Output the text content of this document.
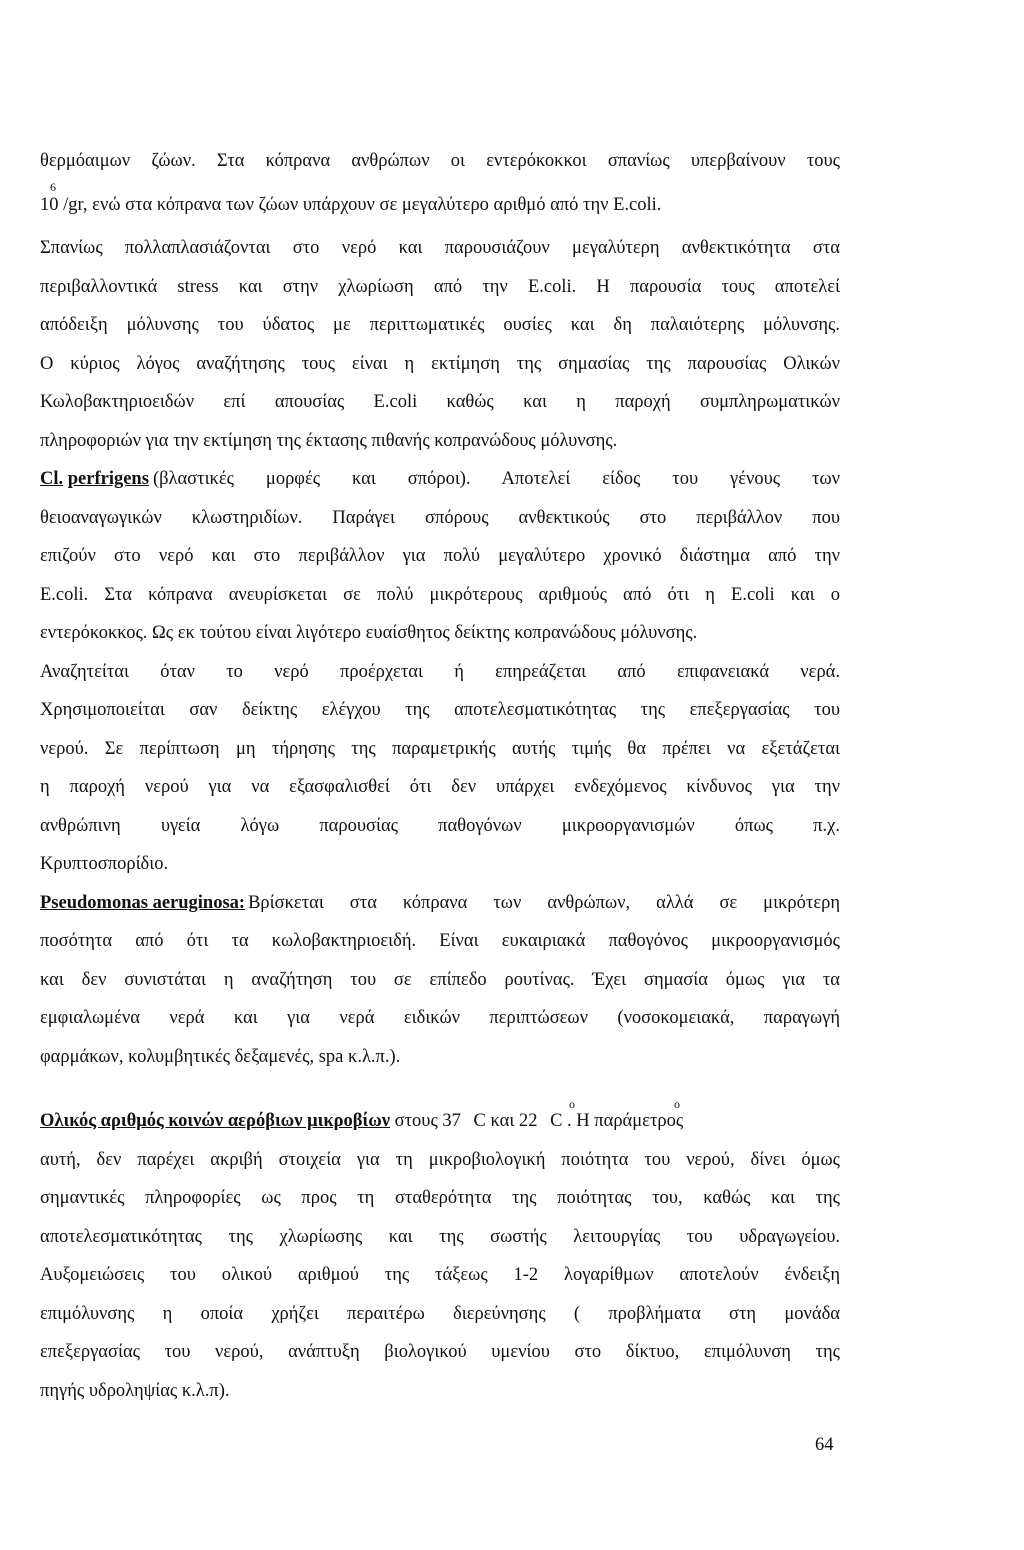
θερμόαιμων ζώων. Στα κόπρανα ανθρώπων οι εντερόκοκκοι σπανίως υπερβαίνουν τους
6
10 /gr, ενώ στα κόπρανα των ζώων υπάρχουν σε μεγαλύτερο αριθμό από την E.coli.
Σπανίως πολλαπλασιάζονται στο νερό και παρουσιάζουν μεγαλύτερη ανθεκτικότητα στα
περιβαλλοντικά stress και στην χλωρίωση από την E.coli. Η παρουσία τους αποτελεί
απόδειξη μόλυνσης του ύδατος με περιττωματικές ουσίες και δη παλαιότερης μόλυνσης.
Ο κύριος λόγος αναζήτησης τους είναι η εκτίμηση της σημασίας της παρουσίας Ολικών
Κωλοβακτηριοειδών επί απουσίας E.coli καθώς και η παροχή συμπληρωματικών
πληροφοριών για την εκτίμηση της έκτασης πιθανής κοπρανώδους μόλυνσης.
Cl. perfrigens (βλαστικές μορφές και σπόροι). Αποτελεί είδος του γένους των
θειοαναγωγικών κλωστηριδίων. Παράγει σπόρους ανθεκτικούς στο περιβάλλον που
επιζούν στο νερό και στο περιβάλλον για πολύ μεγαλύτερο χρονικό διάστημα από την
E.coli. Στα κόπρανα ανευρίσκεται σε πολύ μικρότερους αριθμούς από ότι η E.coli και ο
εντερόκοκκος. Ως εκ τούτου είναι λιγότερο ευαίσθητος δείκτης κοπρανώδους μόλυνσης.
Αναζητείται όταν το νερό προέρχεται ή επηρεάζεται από επιφανειακά νερά.
Χρησιμοποιείται σαν δείκτης ελέγχου της αποτελεσματικότητας της επεξεργασίας του
νερού. Σε περίπτωση μη τήρησης της παραμετρικής αυτής τιμής θα πρέπει να εξετάζεται
η παροχή νερού για να εξασφαλισθεί ότι δεν υπάρχει ενδεχόμενος κίνδυνος για την
ανθρώπινη υγεία λόγω παρουσίας παθογόνων μικροοργανισμών όπως π.χ.
Κρυπτοσπορίδιο.
Pseudomonas aeruginosa: Βρίσκεται στα κόπρανα των ανθρώπων, αλλά σε μικρότερη
ποσότητα από ότι τα κωλοβακτηριοειδή. Είναι ευκαιριακά παθογόνος μικροοργανισμός
και δεν συνιστάται η αναζήτηση του σε επίπεδο ρουτίνας. Έχει σημασία όμως για τα
εμφιαλωμένα νερά και για νερά ειδικών περιπτώσεων (νοσοκομειακά, παραγωγή
φαρμάκων, κολυμβητικές δεξαμενές, spa κ.λ.π.).
Ολικός αριθμός κοινών αερόβιων μικροβίων στους 37 C και 22 C . Η παράμετρος
o	o
αυτή, δεν παρέχει ακριβή στοιχεία για τη μικροβιολογική ποιότητα του νερού, δίνει όμως
σημαντικές πληροφορίες ως προς τη σταθερότητα της ποιότητας του, καθώς και της
αποτελεσματικότητας της χλωρίωσης και της σωστής λειτουργίας του υδραγωγείου.
Αυξομειώσεις του ολικού αριθμού της τάξεως 1-2 λογαρίθμων αποτελούν ένδειξη
επιμόλυνσης η οποία χρήζει περαιτέρω διερεύνησης ( προβλήματα στη μονάδα
επεξεργασίας του νερού, ανάπτυξη βιολογικού υμενίου στο δίκτυο, επιμόλυνση της
πηγής υδροληψίας κ.λ.π).
64
